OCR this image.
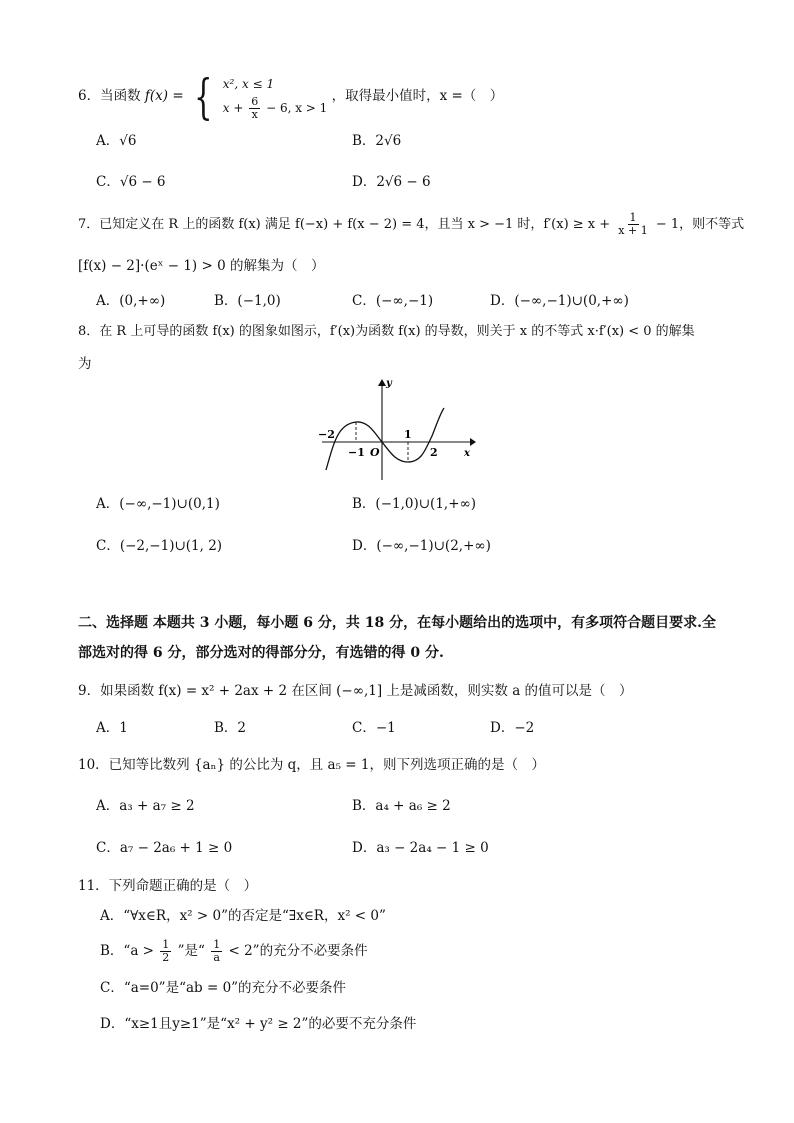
6．当函数 f(x) = { x², x ≤ 1
$x + \frac{6}{x} - 6$, x > 1
，取得最小值时，x =（　）
A．√6	B．2√6
C．√6 − 6	D．2√6 − 6
7．已知定义在 R 上的函数 f(x) 满足 f(−x) + f(x − 2) = 4，且当 x > −1 时，$f'(x) \ge x + \frac{1}{x + 1} - 1$，则不等式
[f(x) − 2]·(eˣ − 1) > 0 的解集为（　）
A．(0,+∞)	B．(−1,0)	C．(−∞,−1)	D．(−∞,−1)∪(0,+∞)
8．在 R 上可导的函数 f(x) 的图象如图示，f′(x)为函数 f(x) 的导数，则关于 x 的不等式 x·f′(x) < 0 的解集
为
y
x
−2
−1 O
1
2
A．(−∞,−1)∪(0,1)	B．(−1,0)∪(1,+∞)
C．(−2,−1)∪(1, 2)	D．(−∞,−1)∪(2,+∞)
二、选择题 本题共 3 小题，每小题 6 分，共 18 分，在每小题给出的选项中，有多项符合题目要求.全部选对的得 6 分，部分选对的得部分分，有选错的得 0 分.
9．如果函数 f(x) = x² + 2ax + 2 在区间 (−∞,1] 上是减函数，则实数 a 的值可以是（　）
A．1	B．2	C．−1	D．−2
10．已知等比数列 {aₙ} 的公比为 q，且 a₅ = 1，则下列选项正确的是（　）
A．a₃ + a₇ ≥ 2	B．a₄ + a₆ ≥ 2
C．a₇ − 2a₆ + 1 ≥ 0	D．a₃ − 2a₄ − 1 ≥ 0
11．下列命题正确的是（　）
A．“∀x∈R，x² > 0”的否定是“∃x∈R，x² < 0”
B．“$a > \frac{1}{2}$ ”是“ $\frac{1}{a} < 2$”的充分不必要条件
C．“a=0”是“ab = 0”的充分不必要条件
D．“x≥1且y≥1”是“x² + y² ≥ 2”的必要不充分条件
